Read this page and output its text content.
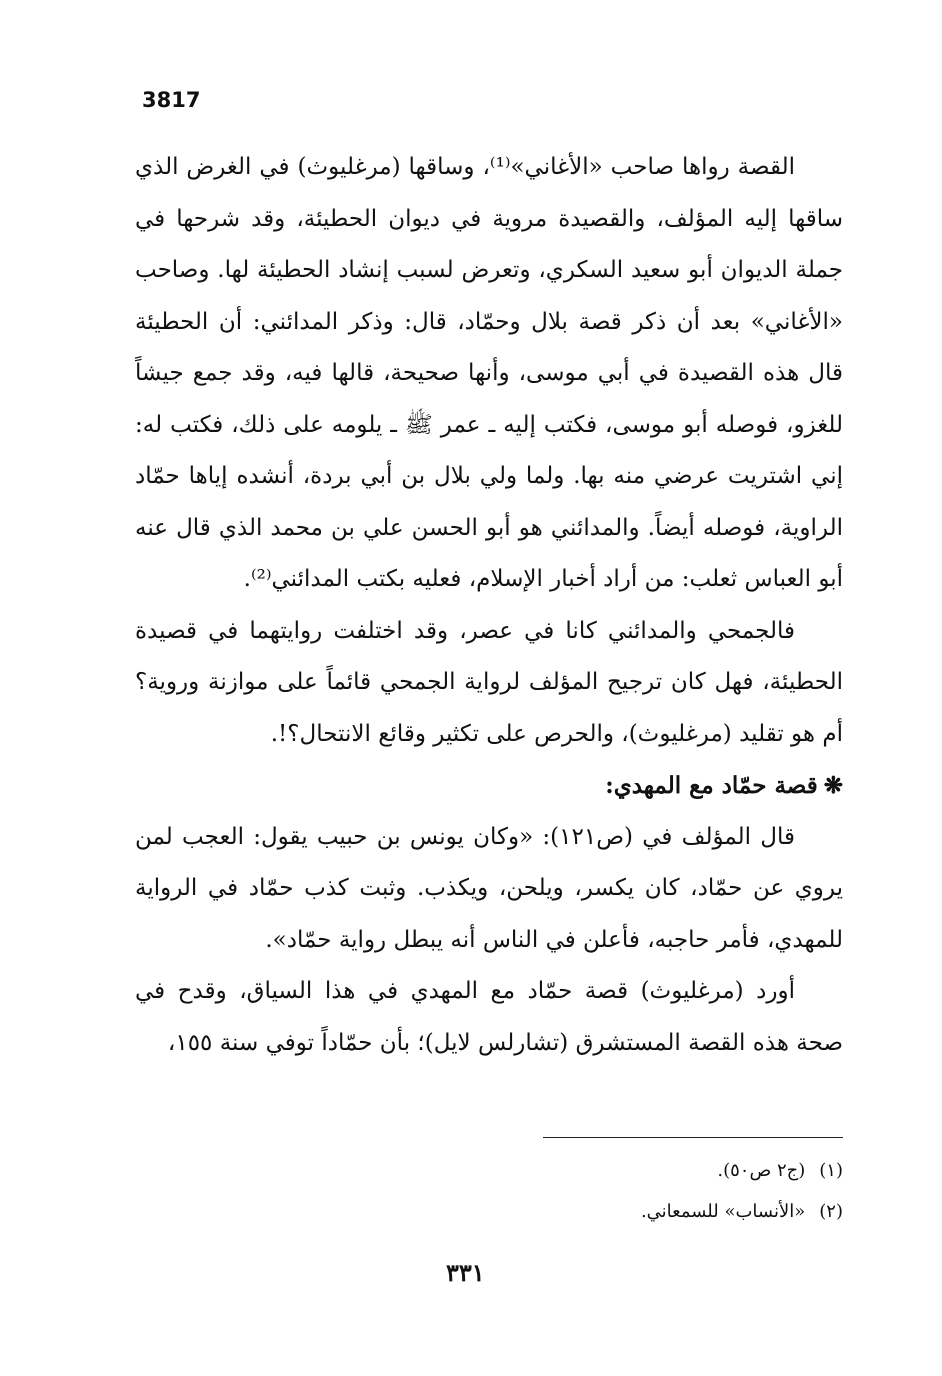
3817

القصة رواها صاحب «الأغاني»⁽¹⁾، وساقها (مرغليوث) في الغرض الذي ساقها إليه المؤلف، والقصيدة مروية في ديوان الحطيئة، وقد شرحها في جملة الديوان أبو سعيد السكري، وتعرض لسبب إنشاد الحطيئة لها. وصاحب «الأغاني» بعد أن ذكر قصة بلال وحمّاد، قال: وذكر المدائني: أن الحطيئة قال هذه القصيدة في أبي موسى، وأنها صحيحة، قالها فيه، وقد جمع جيشاً للغزو، فوصله أبو موسى، فكتب إليه ـ عمر ﷺ ـ يلومه على ذلك، فكتب له: إني اشتريت عرضي منه بها. ولما ولي بلال بن أبي بردة، أنشده إياها حمّاد الراوية، فوصله أيضاً. والمدائني هو أبو الحسن علي بن محمد الذي قال عنه أبو العباس ثعلب: من أراد أخبار الإسلام، فعليه بكتب المدائني⁽²⁾.

فالجمحي والمدائني كانا في عصر، وقد اختلفت روايتهما في قصيدة الحطيئة، فهل كان ترجيح المؤلف لرواية الجمحي قائماً على موازنة وروية؟ أم هو تقليد (مرغليوث)، والحرص على تكثير وقائع الانتحال؟!.

❋قصة حمّاد مع المهدي:

قال المؤلف في (ص١٢١): «وكان يونس بن حبيب يقول: العجب لمن يروي عن حمّاد، كان يكسر، ويلحن، ويكذب. وثبت كذب حمّاد في الرواية للمهدي، فأمر حاجبه، فأعلن في الناس أنه يبطل رواية حمّاد».

أورد (مرغليوث) قصة حمّاد مع المهدي في هذا السياق، وقدح في صحة هذه القصة المستشرق (تشارلس لايل)؛ بأن حمّاداً توفي سنة ١٥٥،

(١)(ج٢ ص٥٠).

(٢)«الأنساب» للسمعاني.

٣٣١
